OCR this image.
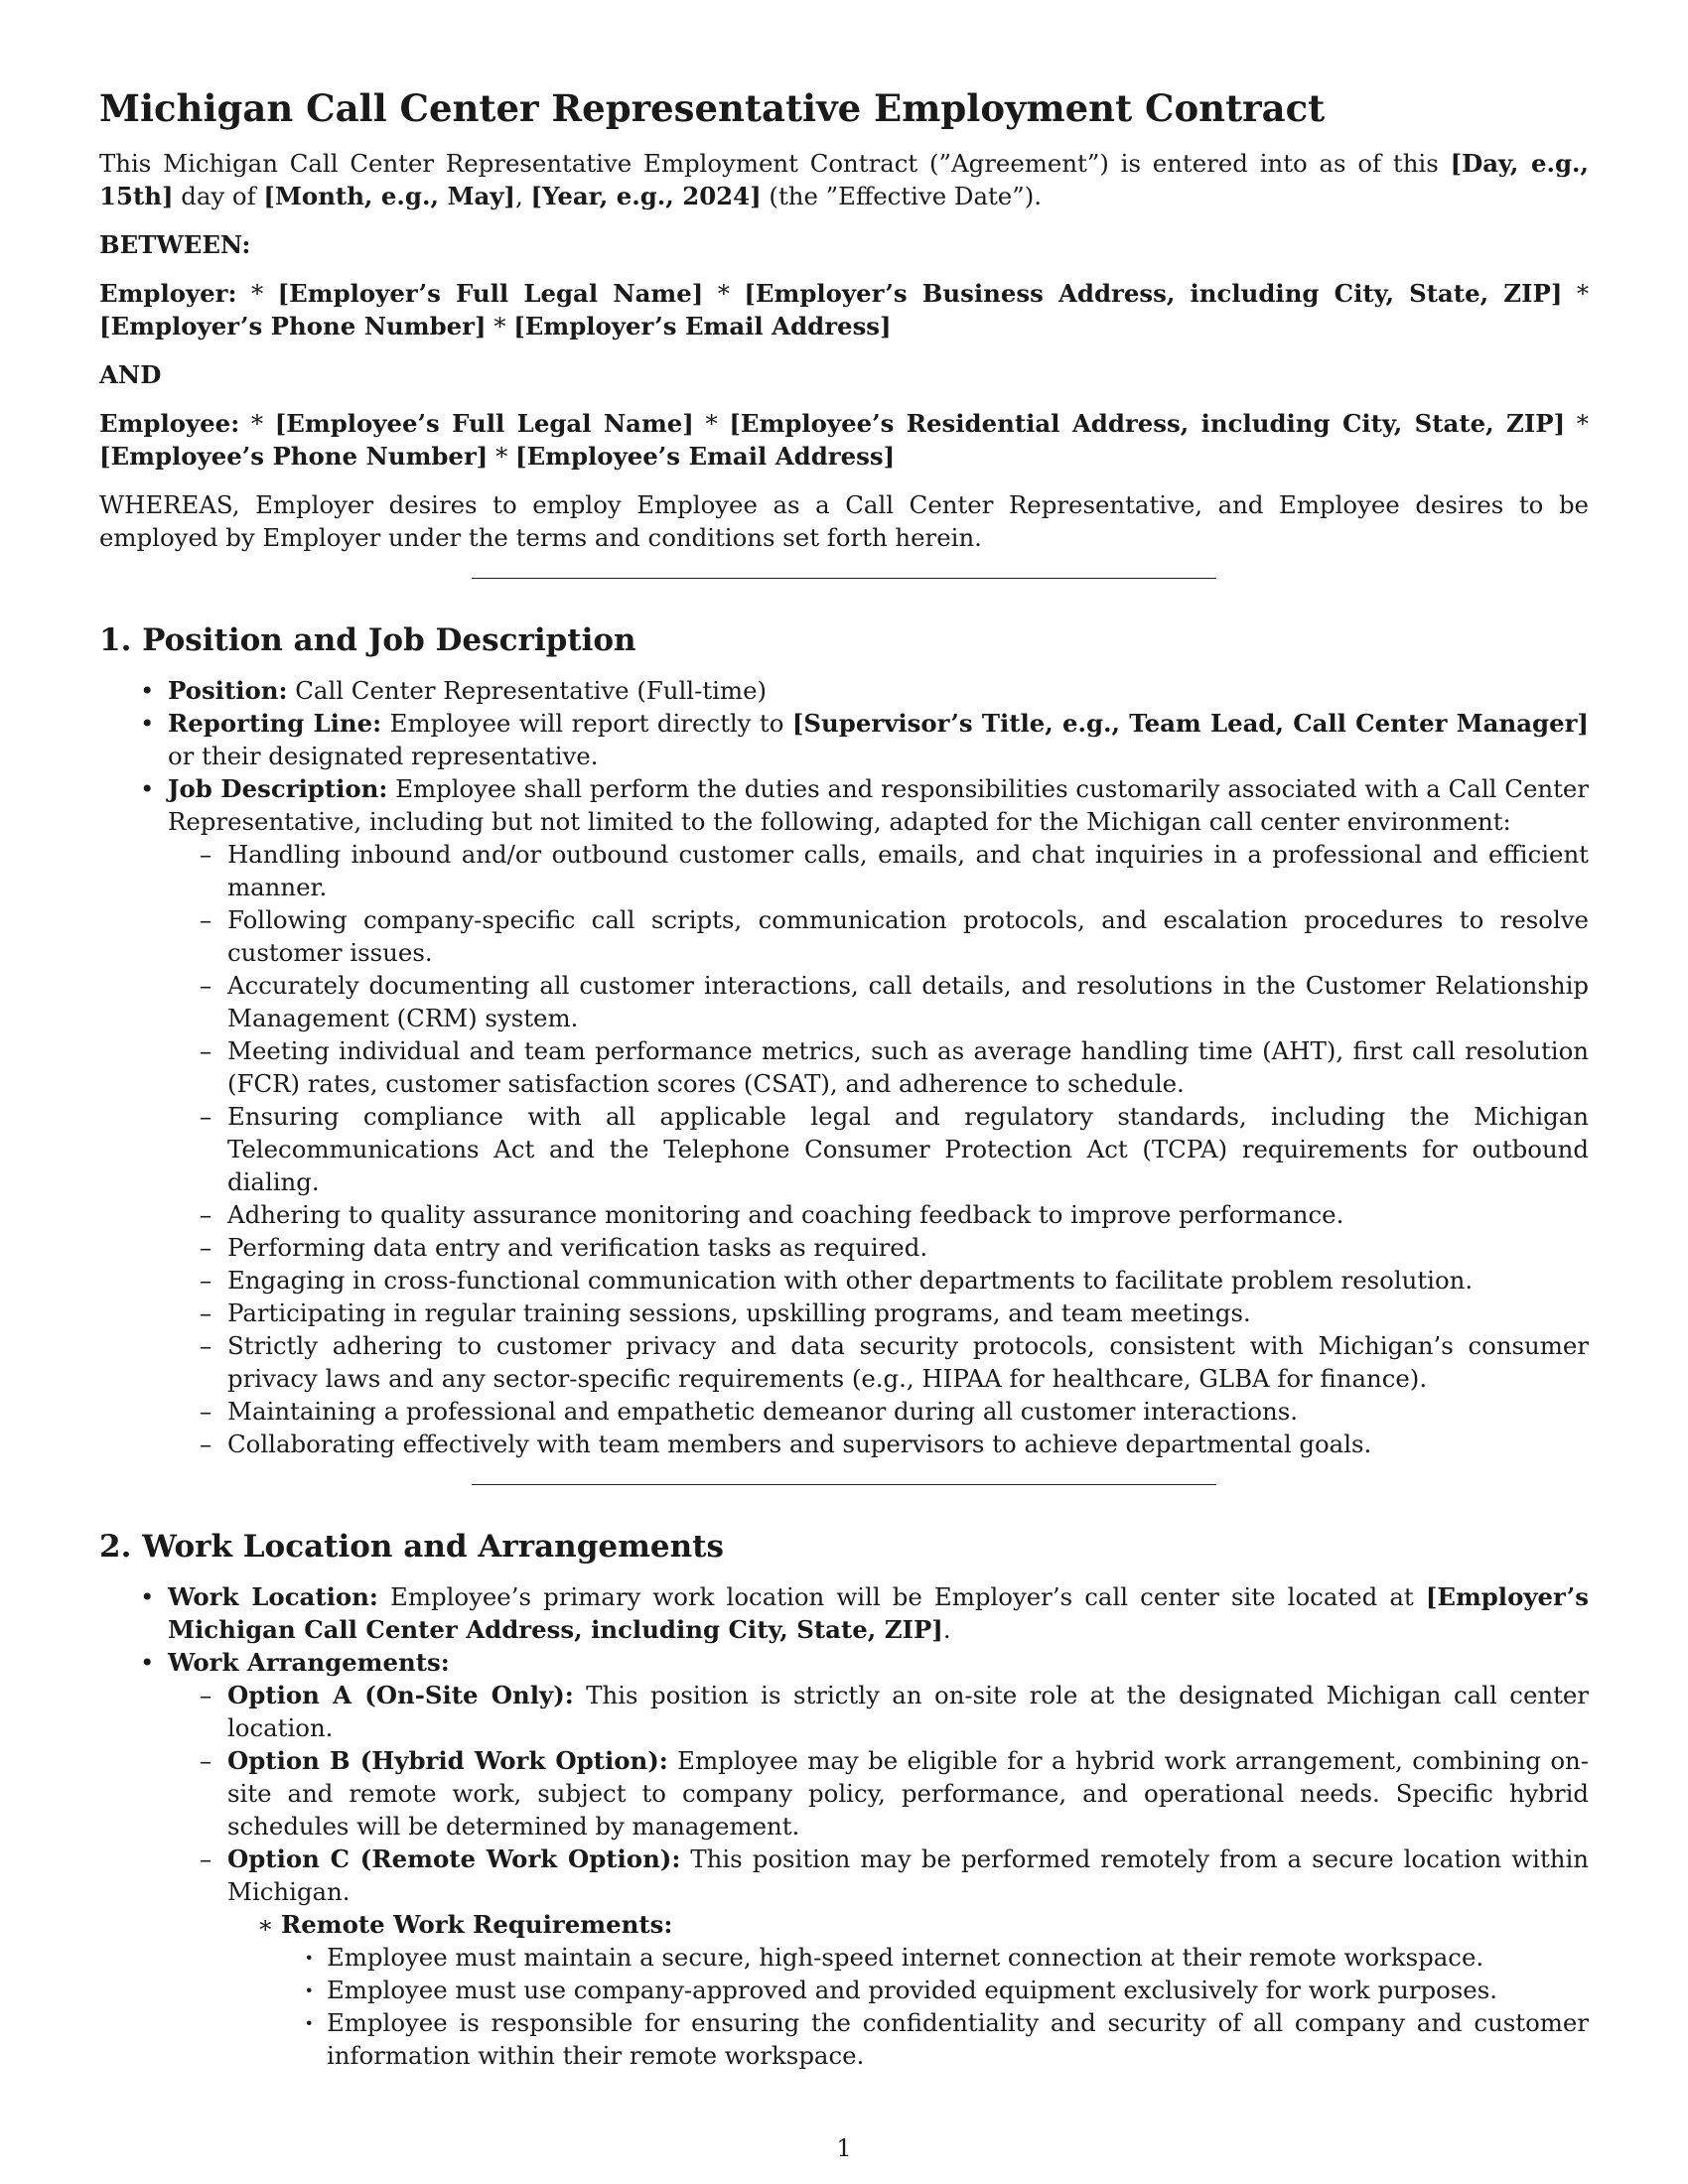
Michigan Call Center Representative Employment Contract

This Michigan Call Center Representative Employment Contract (”Agreement”) is entered into as of this [Day, e.g., 15th] day of [Month, e.g., May], [Year, e.g., 2024] (the ”Effective Date”).

BETWEEN:

Employer: * [Employer’s Full Legal Name] * [Employer’s Business Address, including City, State, ZIP] * [Employer’s Phone Number] * [Employer’s Email Address]

AND

Employee: * [Employee’s Full Legal Name] * [Employee’s Residential Address, including City, State, ZIP] * [Employee’s Phone Number] * [Employee’s Email Address]

WHEREAS, Employer desires to employ Employee as a Call Center Representative, and Employee desires to be employed by Employer under the terms and conditions set forth herein.

1. Position and Job Description
• Position: Call Center Representative (Full-time)
• Reporting Line: Employee will report directly to [Supervisor’s Title, e.g., Team Lead, Call Center Manager] or their designated representative.
• Job Description: Employee shall perform the duties and responsibilities customarily associated with a Call Center Representative, including but not limited to the following, adapted for the Michigan call center environment:
– Handling inbound and/or outbound customer calls, emails, and chat inquiries in a professional and efficient manner.
– Following company-specific call scripts, communication protocols, and escalation procedures to resolve customer issues.
– Accurately documenting all customer interactions, call details, and resolutions in the Customer Relationship Management (CRM) system.
– Meeting individual and team performance metrics, such as average handling time (AHT), first call resolution (FCR) rates, customer satisfaction scores (CSAT), and adherence to schedule.
– Ensuring compliance with all applicable legal and regulatory standards, including the Michigan Telecommunications Act and the Telephone Consumer Protection Act (TCPA) requirements for outbound dialing.
– Adhering to quality assurance monitoring and coaching feedback to improve performance.
– Performing data entry and verification tasks as required.
– Engaging in cross-functional communication with other departments to facilitate problem resolution.
– Participating in regular training sessions, upskilling programs, and team meetings.
– Strictly adhering to customer privacy and data security protocols, consistent with Michigan’s consumer privacy laws and any sector-specific requirements (e.g., HIPAA for healthcare, GLBA for finance).
– Maintaining a professional and empathetic demeanor during all customer interactions.
– Collaborating effectively with team members and supervisors to achieve departmental goals.
2. Work Location and Arrangements
• Work Location: Employee’s primary work location will be Employer’s call center site located at [Employer’s Michigan Call Center Address, including City, State, ZIP].
• Work Arrangements:
– Option A (On-Site Only): This position is strictly an on-site role at the designated Michigan call center location.
– Option B (Hybrid Work Option): Employee may be eligible for a hybrid work arrangement, combining on-site and remote work, subject to company policy, performance, and operational needs. Specific hybrid schedules will be determined by management.
– Option C (Remote Work Option): This position may be performed remotely from a secure location within Michigan.
∗ Remote Work Requirements:
· Employee must maintain a secure, high-speed internet connection at their remote workspace.
· Employee must use company-approved and provided equipment exclusively for work purposes.
· Employee is responsible for ensuring the confidentiality and security of all company and customer information within their remote workspace.
1
